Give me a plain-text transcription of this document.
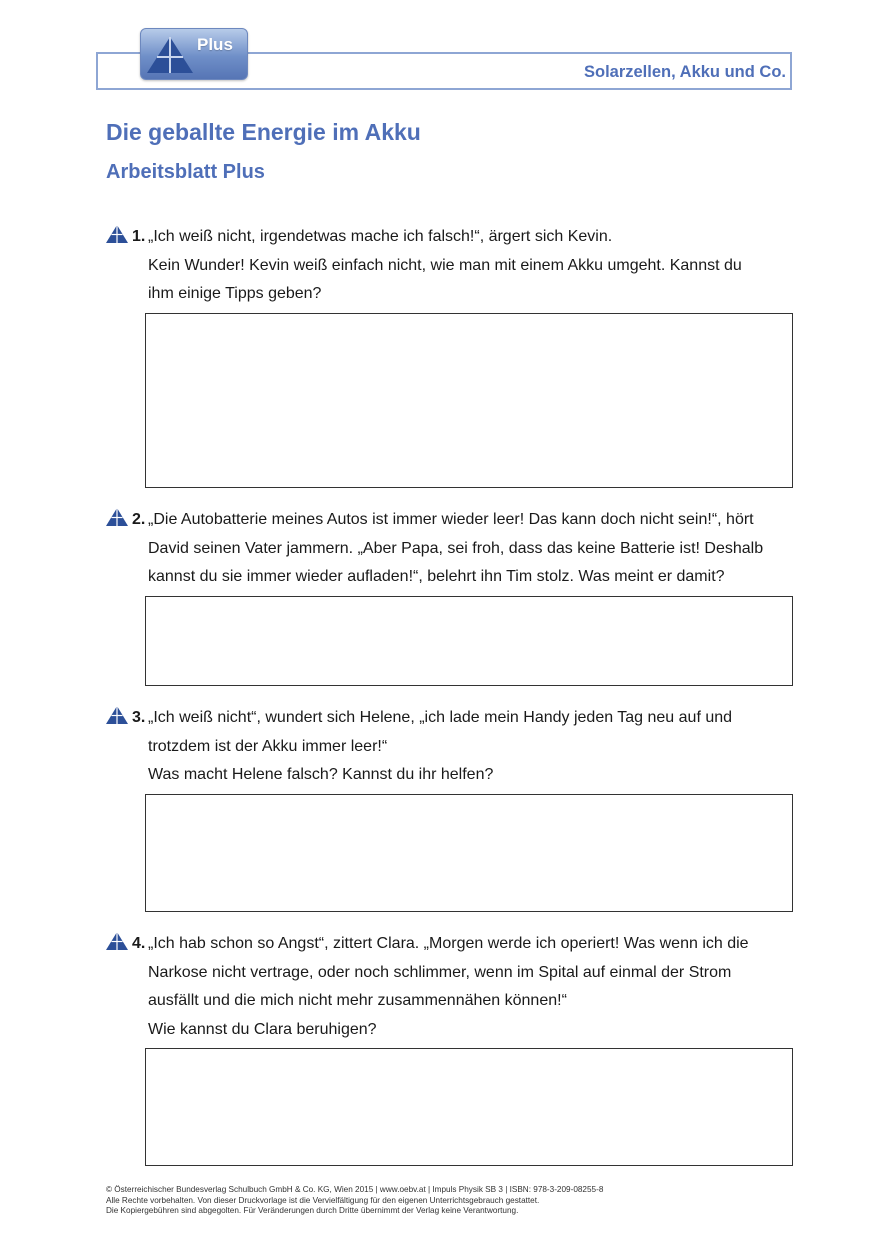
Plus
Solarzellen, Akku und Co.
Die geballte Energie im Akku
Arbeitsblatt Plus
1. „Ich weiß nicht, irgendetwas mache ich falsch!“, ärgert sich Kevin.
Kein Wunder! Kevin weiß einfach nicht, wie man mit einem Akku umgeht. Kannst du
ihm einige Tipps geben?
2. „Die Autobatterie meines Autos ist immer wieder leer! Das kann doch nicht sein!“, hört
David seinen Vater jammern. „Aber Papa, sei froh, dass das keine Batterie ist! Deshalb
kannst du sie immer wieder aufladen!“, belehrt ihn Tim stolz. Was meint er damit?
3. „Ich weiß nicht“, wundert sich Helene, „ich lade mein Handy jeden Tag neu auf und
trotzdem ist der Akku immer leer!“
Was macht Helene falsch? Kannst du ihr helfen?
4. „Ich hab schon so Angst“, zittert Clara. „Morgen werde ich operiert! Was wenn ich die
Narkose nicht vertrage, oder noch schlimmer, wenn im Spital auf einmal der Strom
ausfällt und die mich nicht mehr zusammennähen können!“
Wie kannst du Clara beruhigen?
© Österreichischer Bundesverlag Schulbuch GmbH & Co. KG, Wien 2015 | www.oebv.at | Impuls Physik SB 3 | ISBN: 978-3-209-08255-8
Alle Rechte vorbehalten. Von dieser Druckvorlage ist die Vervielfältigung für den eigenen Unterrichtsgebrauch gestattet.
Die Kopiergebühren sind abgegolten. Für Veränderungen durch Dritte übernimmt der Verlag keine Verantwortung.
